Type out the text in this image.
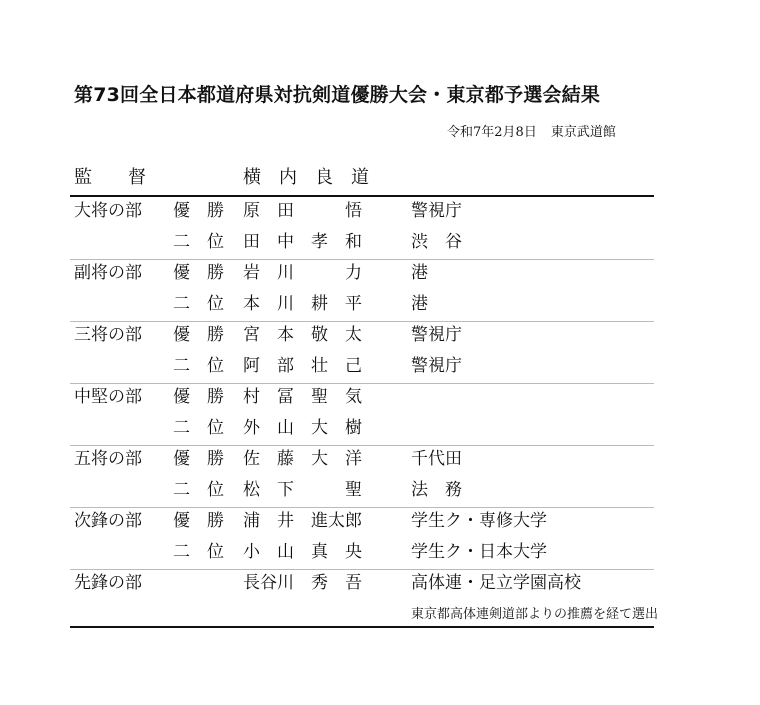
第73回全日本都道府県対抗剣道優勝大会・東京都予選会結果
令和7年2月8日 東京武道館
監　　督	横　内　良　道
大将の部 優　勝 原　田　　　悟	警視庁
二　位 田　中　孝　和	渋　谷
副将の部 優　勝 岩　川　　　力	港
二　位 本　川　耕　平	港
三将の部 優　勝 宮　本　敬　太	警視庁
二　位 阿　部　壮　己	警視庁
中堅の部 優　勝 村　冨　聖　気
二　位 外　山　大　樹
五将の部 優　勝 佐　藤　大　洋	千代田
二　位 松　下　　　聖	法　務
次鋒の部 優　勝 浦　井　進太郎	学生ク・専修大学
二　位 小　山　真　央	学生ク・日本大学
先鋒の部	長谷川　秀　吾	高体連・足立学園高校
東京都高体連剣道部よりの推薦を経て選出
